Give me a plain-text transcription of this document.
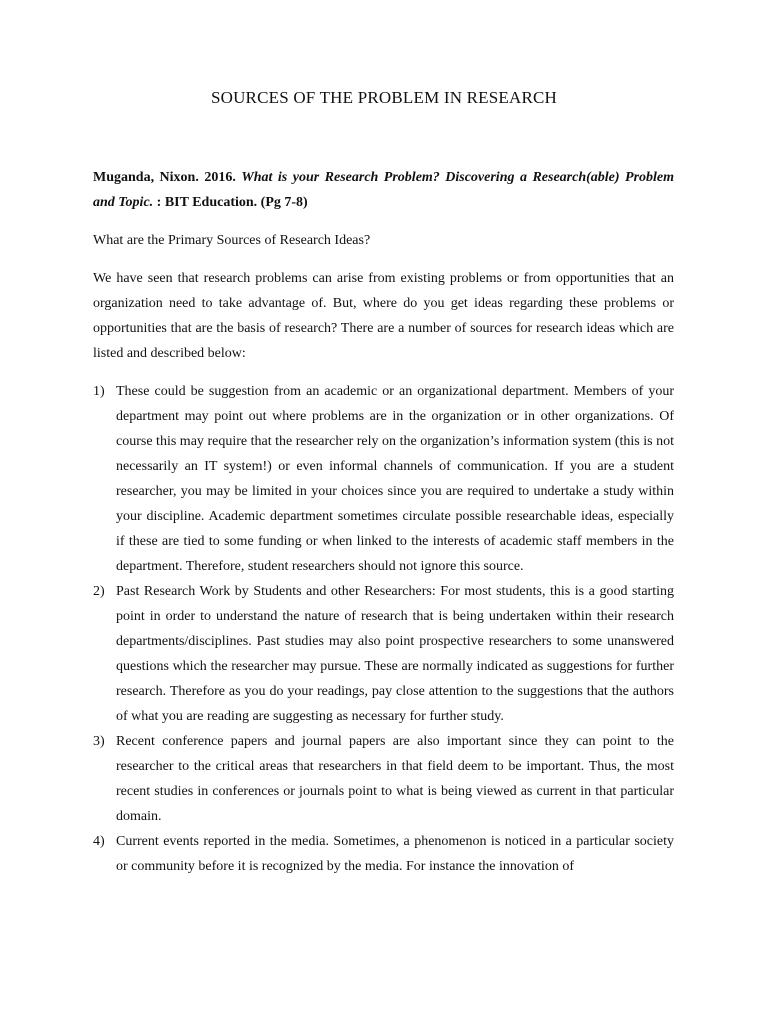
SOURCES OF THE PROBLEM IN RESEARCH
Muganda, Nixon. 2016. What is your Research Problem? Discovering a Research(able) Problem and Topic. : BIT Education. (Pg 7-8)
What are the Primary Sources of Research Ideas?
We have seen that research problems can arise from existing problems or from opportunities that an organization need to take advantage of. But, where do you get ideas regarding these problems or opportunities that are the basis of research? There are a number of sources for research ideas which are listed and described below:
1) These could be suggestion from an academic or an organizational department. Members of your department may point out where problems are in the organization or in other organizations. Of course this may require that the researcher rely on the organization’s information system (this is not necessarily an IT system!) or even informal channels of communication. If you are a student researcher, you may be limited in your choices since you are required to undertake a study within your discipline. Academic department sometimes circulate possible researchable ideas, especially if these are tied to some funding or when linked to the interests of academic staff members in the department. Therefore, student researchers should not ignore this source.
2) Past Research Work by Students and other Researchers: For most students, this is a good starting point in order to understand the nature of research that is being undertaken within their research departments/disciplines. Past studies may also point prospective researchers to some unanswered questions which the researcher may pursue. These are normally indicated as suggestions for further research. Therefore as you do your readings, pay close attention to the suggestions that the authors of what you are reading are suggesting as necessary for further study.
3) Recent conference papers and journal papers are also important since they can point to the researcher to the critical areas that researchers in that field deem to be important. Thus, the most recent studies in conferences or journals point to what is being viewed as current in that particular domain.
4) Current events reported in the media. Sometimes, a phenomenon is noticed in a particular society or community before it is recognized by the media. For instance the innovation of
